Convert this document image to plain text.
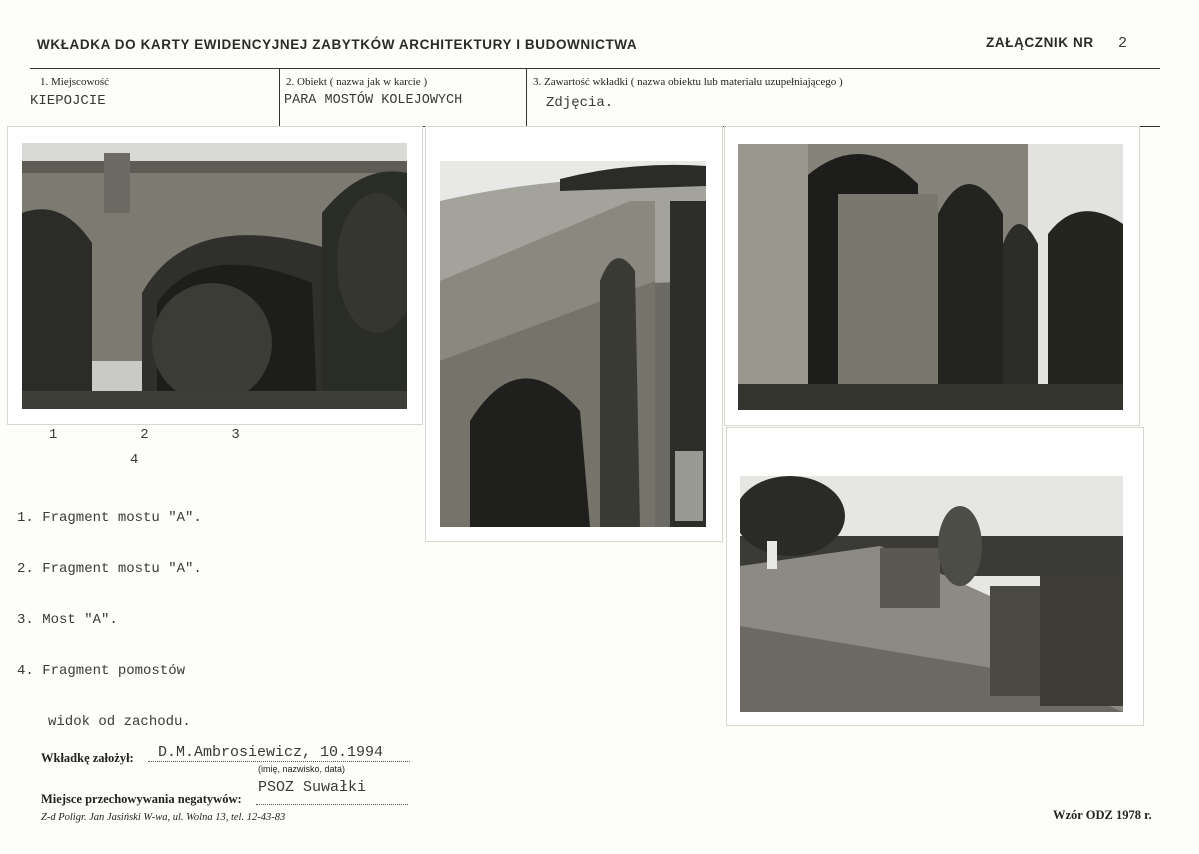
WKŁADKA DO KARTY EWIDENCYJNEJ ZABYTKÓW ARCHITEKTURY I BUDOWNICTWA	ZAŁĄCZNIK NR 2
1. Miejscowość
KIEPOJCIE
2. Obiekt ( nazwa jak w karcie )
PARA MOSTÓW KOLEJOWYCH
3. Zawartość wkładki ( nazwa obiektu lub materiału uzupełniającego )
Zdjęcia.
1  2  3
4

1. Fragment mostu "A".

2. Fragment mostu "A".

3. Most "A".

4. Fragment pomostów

widok od zachodu.

Wkładkę założył: D.M.Ambrosiewicz, 10.1994
(imię, nazwisko, data)
Miejsce przechowywania negatywów:
PSOZ Suwałki
Z-d Poligr. Jan Jasiński W-wa, ul. Wolna 13, tel. 12-43-83	Wzór ODZ 1978 r.
